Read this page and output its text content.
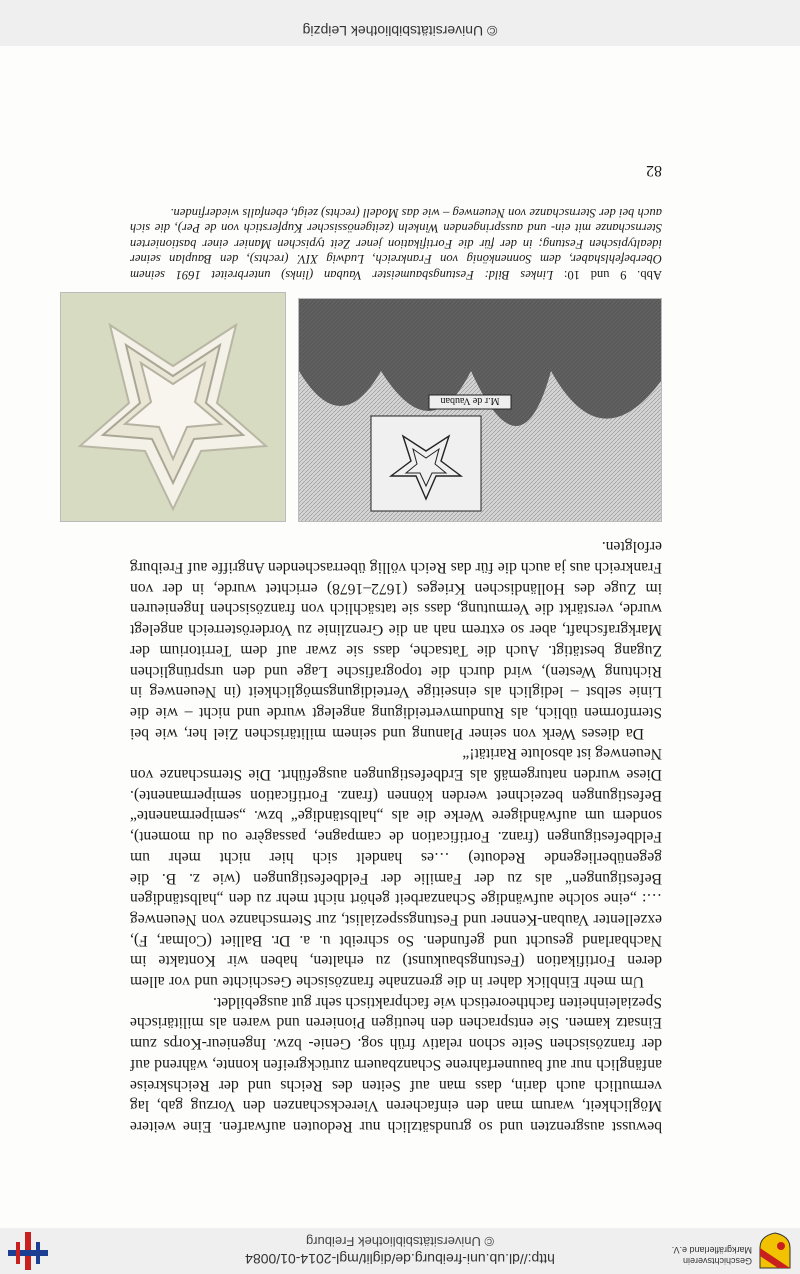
Geschichtsverein
Markgräflerland e.V.
http://dl.ub.uni-freiburg.de/diglit/mgl-2014-01/0084
© Universitätsbibliothek Freiburg
82

bewusst ausgrenzten und so grundsätzlich nur Redouten aufwarfen. Eine weitere Möglichkeit, warum man den einfacheren Viereckschanzen den Vorzug gab, lag vermutlich auch darin, dass man auf Seiten des Reichs und der Reichskreise anfänglich nur auf bauunerfahrene Schanzbauern zurückgreifen konnte, während auf der französischen Seite schon relativ früh sog. Genie- bzw. Ingenieur-Korps zum Einsatz kamen. Sie entsprachen den heutigen Pionieren und waren als militärische Spezialeinheiten fachtheoretisch wie fachpraktisch sehr gut ausgebildet.

Um mehr Einblick daher in die grenznahe französische Geschichte und vor allem deren Fortifikation (Festungsbaukunst) zu erhalten, haben wir Kontakte im Nachbarland gesucht und gefunden. So schreibt u. a. Dr. Balliet (Colmar, F), exzellenter Vauban-Kenner und Festungsspezialist, zur Sternschanze von Neuenweg …: „eine solche aufwändige Schanzarbeit gehört nicht mehr zu den „halbständigen Befestigungen“ als zu der Familie der Feldbefestigungen (wie z. B. die gegenüberliegende Redoute) …es handelt sich hier nicht mehr um Feldbefestigungen (franz. Fortification de campagne, passagère ou du moment), sondern um aufwändigere Werke die als „halbständige“ bzw. „semipermanente“ Befestigungen bezeichnet werden können (franz. Fortification semipermanente). Diese wurden naturgemäß als Erdbefestigungen ausgeführt. Die Sternschanze von Neuenweg ist absolute Rarität!“

Da dieses Werk von seiner Planung und seinem militärischen Ziel her, wie bei Sternformen üblich, als Rundumverteidigung angelegt wurde und nicht – wie die Linie selbst – lediglich als einseitige Verteidigungsmöglichkeit (in Neuenweg in Richtung Westen), wird durch die topografische Lage und den ursprünglichen Zugang bestätigt. Auch die Tatsache, dass sie zwar auf dem Territorium der Markgrafschaft, aber so extrem nah an die Grenzlinie zu Vorderösterreich angelegt wurde, verstärkt die Vermutung, dass sie tatsächlich von französischen Ingenieuren im Zuge des Holländischen Krieges (1672–1678) errichtet wurde, in der von Frankreich aus ja auch die für das Reich völlig überraschenden Angriffe auf Freiburg erfolgten.

M.r de Vauban
Abb. 9 und 10: Linkes Bild: Festungsbaumeister Vauban (links) unterbreitet 1691 seinem Oberbefehlshaber, dem Sonnenkönig von Frankreich, Ludwig XIV. (rechts), den Bauplan seiner idealtypischen Festung; in der für die Fortifikation jener Zeit typischen Manier einer bastionierten Sternschanze mit ein- und ausspringenden Winkeln (zeitgenössischer Kupferstich von de Per), die sich auch bei der Sternschanze von Neuenweg – wie das Modell (rechts) zeigt, ebenfalls wiederfinden.
© Universitätsbibliothek Leipzig
